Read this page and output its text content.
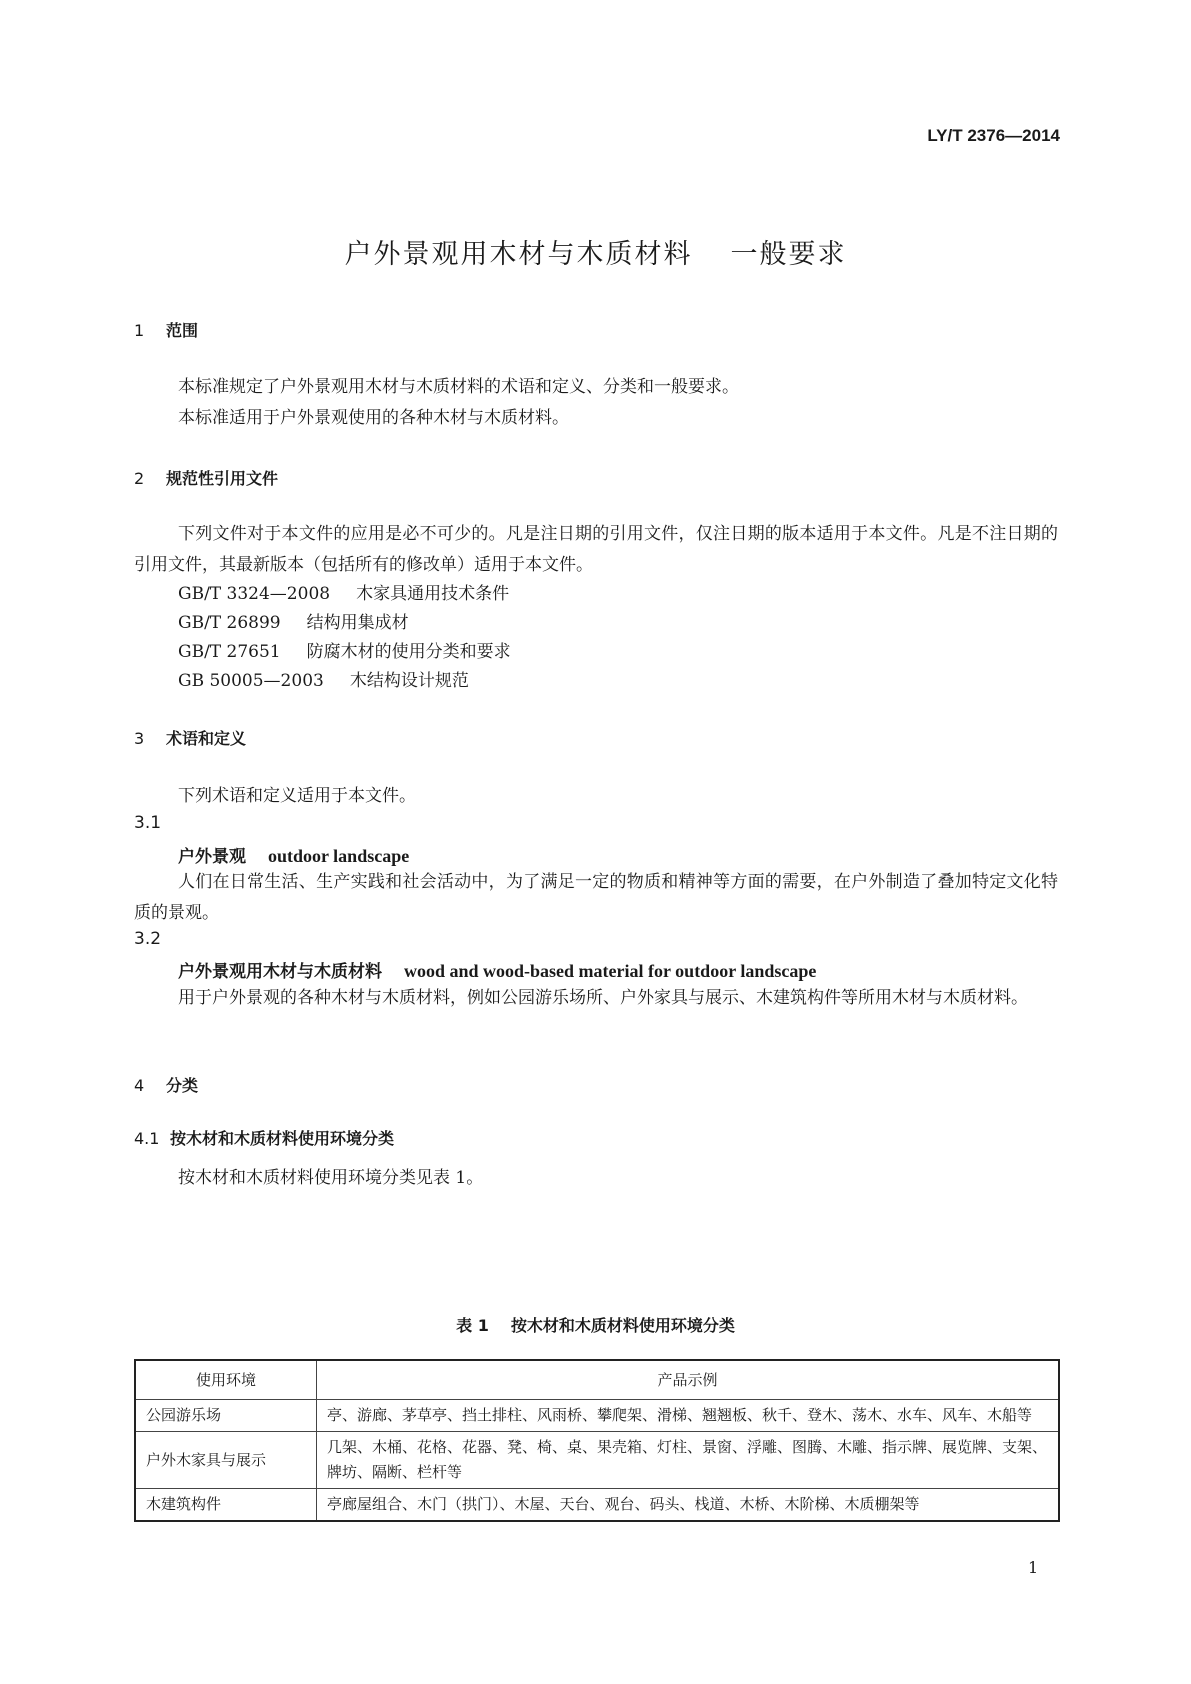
LY/T 2376—2014
户外景观用木材与木质材料 一般要求
1 范围
本标准规定了户外景观用木材与木质材料的术语和定义、分类和一般要求。
本标准适用于户外景观使用的各种木材与木质材料。
2 规范性引用文件
下列文件对于本文件的应用是必不可少的。凡是注日期的引用文件，仅注日期的版本适用于本文件。凡是不注日期的引用文件，其最新版本（包括所有的修改单）适用于本文件。
GB/T 3324—2008 木家具通用技术条件
GB/T 26899 结构用集成材
GB/T 27651 防腐木材的使用分类和要求
GB 50005—2003 木结构设计规范
3 术语和定义
下列术语和定义适用于本文件。
3.1
户外景观 outdoor landscape
人们在日常生活、生产实践和社会活动中，为了满足一定的物质和精神等方面的需要，在户外制造了叠加特定文化特质的景观。
3.2
户外景观用木材与木质材料 wood and wood-based material for outdoor landscape
用于户外景观的各种木材与木质材料，例如公园游乐场所、户外家具与展示、木建筑构件等所用木材与木质材料。
4 分类
4.1 按木材和木质材料使用环境分类
按木材和木质材料使用环境分类见表 1。
表 1 按木材和木质材料使用环境分类
使用环境	产品示例
公园游乐场	亭、游廊、茅草亭、挡土排柱、风雨桥、攀爬架、滑梯、翘翘板、秋千、登木、荡木、水车、风车、木船等
户外木家具与展示	几架、木桶、花格、花器、凳、椅、桌、果壳箱、灯柱、景窗、浮雕、图腾、木雕、指示牌、展览牌、支架、牌坊、隔断、栏杆等
木建筑构件	亭廊屋组合、木门（拱门）、木屋、天台、观台、码头、栈道、木桥、木阶梯、木质棚架等
1
